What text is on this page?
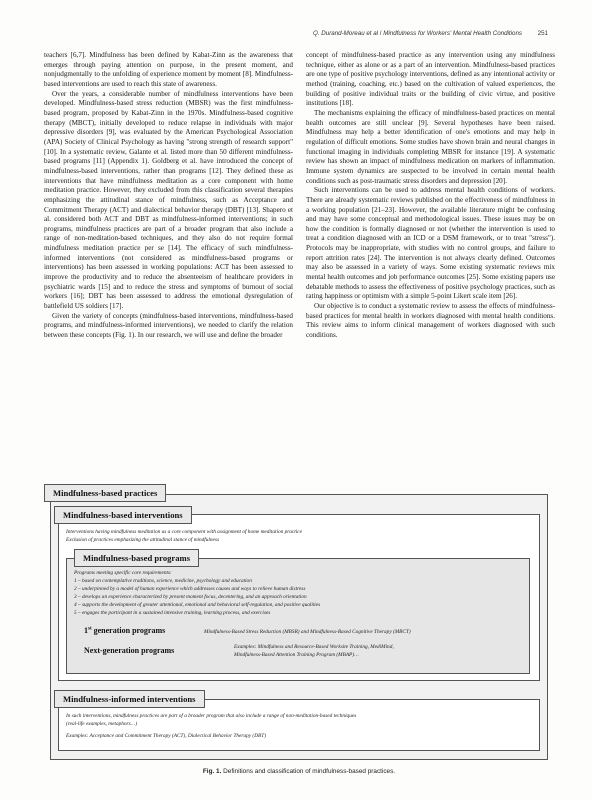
Q. Durand-Moreau et al / Mindfulness for Workers' Mental Health Conditions	251

teachers [6,7]. Mindfulness has been defined by Kabat-Zinn as the awareness that emerges through paying attention on purpose, in the present moment, and nonjudgmentally to the unfolding of experience moment by moment [8]. Mindfulness-based interventions are used to reach this state of awareness.

Over the years, a considerable number of mindfulness interventions have been developed. Mindfulness-based stress reduction (MBSR) was the first mindfulness-based program, proposed by Kabat-Zinn in the 1970s. Mindfulness-based cognitive therapy (MBCT), initially developed to reduce relapse in individuals with major depressive disorders [9], was evaluated by the American Psychological Association (APA) Society of Clinical Psychology as having "strong strength of research support" [10]. In a systematic review, Galante et al. listed more than 50 different mindfulness-based programs [11] (Appendix 1). Goldberg et al. have introduced the concept of mindfulness-based interventions, rather than programs [12]. They defined these as interventions that have mindfulness meditation as a core component with home meditation practice. However, they excluded from this classification several therapies emphasizing the attitudinal stance of mindfulness, such as Acceptance and Commitment Therapy (ACT) and dialectical behavior therapy (DBT) [13]. Shapero et al. considered both ACT and DBT as mindfulness-informed interventions; in such programs, mindfulness practices are part of a broader program that also include a range of non-meditation-based techniques, and they also do not require formal mindfulness meditation practice per se [14]. The efficacy of such mindfulness-informed interventions (not considered as mindfulness-based programs or interventions) has been assessed in working populations: ACT has been assessed to improve the productivity and to reduce the absenteeism of healthcare providers in psychiatric wards [15] and to reduce the stress and symptoms of burnout of social workers [16]; DBT has been assessed to address the emotional dysregulation of battlefield US soldiers [17].

Given the variety of concepts (mindfulness-based interventions, mindfulness-based programs, and mindfulness-informed interventions), we needed to clarify the relation between these concepts (Fig. 1). In our research, we will use and define the broader

concept of mindfulness-based practice as any intervention using any mindfulness technique, either as alone or as a part of an intervention. Mindfulness-based practices are one type of positive psychology interventions, defined as any intentional activity or method (training, coaching, etc.) based on the cultivation of valued experiences, the building of positive individual traits or the building of civic virtue, and positive institutions [18].

The mechanisms explaining the efficacy of mindfulness-based practices on mental health outcomes are still unclear [9]. Several hypotheses have been raised. Mindfulness may help a better identification of one's emotions and may help in regulation of difficult emotions. Some studies have shown brain and neural changes in functional imaging in individuals completing MBSR for instance [19]. A systematic review has shown an impact of mindfulness medication on markers of inflammation. Immune system dynamics are suspected to be involved in certain mental health conditions such as post-traumatic stress disorders and depression [20].

Such interventions can be used to address mental health conditions of workers. There are already systematic reviews published on the effectiveness of mindfulness in a working population [21–23]. However, the available literature might be confusing and may have some conceptual and methodological issues. These issues may be on how the condition is formally diagnosed or not (whether the intervention is used to treat a condition diagnosed with an ICD or a DSM framework, or to treat "stress"). Protocols may be inappropriate, with studies with no control groups, and failure to report attrition rates [24]. The intervention is not always clearly defined. Outcomes may also be assessed in a variety of ways. Some existing systematic reviews mix mental health outcomes and job performance outcomes [25]. Some existing papers use debatable methods to assess the effectiveness of positive psychology practices, such as rating happiness or optimism with a simple 5-point Likert scale item [26].

Our objective is to conduct a systematic review to assess the effects of mindfulness-based practices for mental health in workers diagnosed with mental health conditions. This review aims to inform clinical management of workers diagnosed with such conditions.

Mindfulness-based practices
Mindfulness-based interventions
Interventions having mindfulness meditation as a core component with assignment of home meditation practice
Exclusion of practices emphasizing the attitudinal stance of mindfulness
Mindfulness-based programs
Programs meeting specific core requirements:
1 – based on contemplative traditions, science, medicine, psychology and education
2 – underpinned by a model of human experience which addresses causes and ways to relieve human distress
3 – develops an experience characterized by present moment focus, decentering, and an approach orientation
4 – supports the development of greater attentional, emotional and behavioral self-regulation, and positive qualities
5 – engages the participant in a sustained intensive training, learning process, and exercises
1st generation programs	Mindfulness-Based Stress Reduction (MBSR) and Mindfulness-Based Cognitive Therapy (MBCT)
Next-generation programs	Examples: Mindfulness and Resource-Based Worksite Training, MediMind,
Mindfulness-Based Attention Training Program (MBAP)…
Mindfulness-informed interventions
In such interventions, mindfulness practices are part of a broader program that also include a range of non-meditation-based techniques
(real-life examples, metaphors…)
Examples: Acceptance and Commitment Therapy (ACT), Dialectical Behavior Therapy (DBT)
Fig. 1. Definitions and classification of mindfulness-based practices.
